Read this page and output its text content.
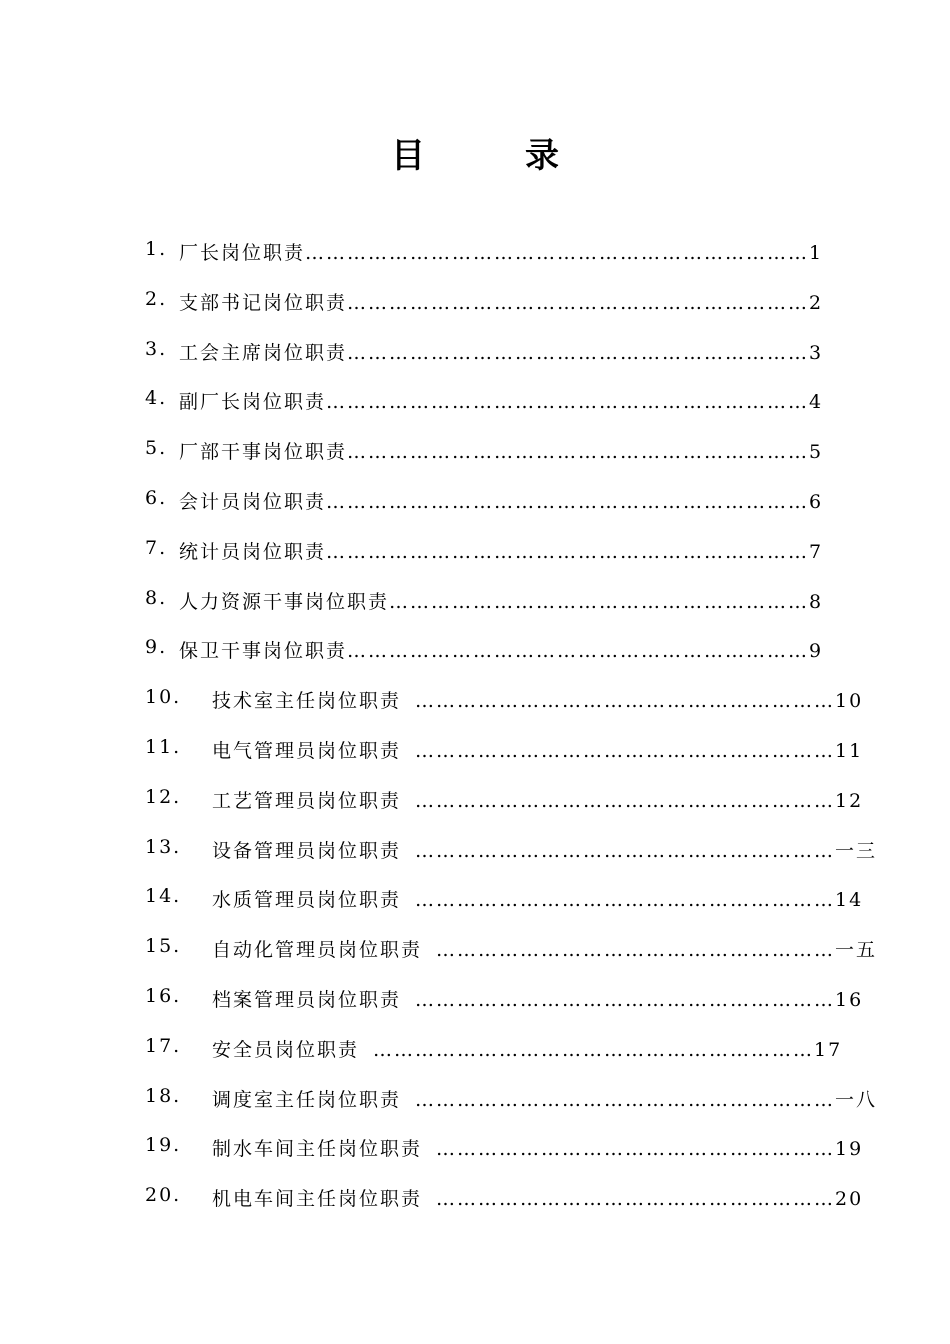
目	录
1. 厂长岗位职责………………………………………………………………1
2. 支部书记岗位职责…………………………………………………………2
3. 工会主席岗位职责…………………………………………………………3
4. 副厂长岗位职责……………………………………………………………4
5. 厂部干事岗位职责…………………………………………………………5
6. 会计员岗位职责……………………………………………………………6
7. 统计员岗位职责……………………………………………………………7
8. 人力资源干事岗位职责……………………………………………………8
9. 保卫干事岗位职责…………………………………………………………9
10. 技术室主任岗位职责 ……………………………………………………10
11. 电气管理员岗位职责 ……………………………………………………11
12. 工艺管理员岗位职责 ……………………………………………………12
13. 设备管理员岗位职责 ……………………………………………………一三
14. 水质管理员岗位职责 ……………………………………………………14
15. 自动化管理员岗位职责 …………………………………………………一五
16. 档案管理员岗位职责 ……………………………………………………16
17. 安全员岗位职责 ………………………………………………………17
18. 调度室主任岗位职责 ……………………………………………………一八
19. 制水车间主任岗位职责 …………………………………………………19
20. 机电车间主任岗位职责 …………………………………………………20
